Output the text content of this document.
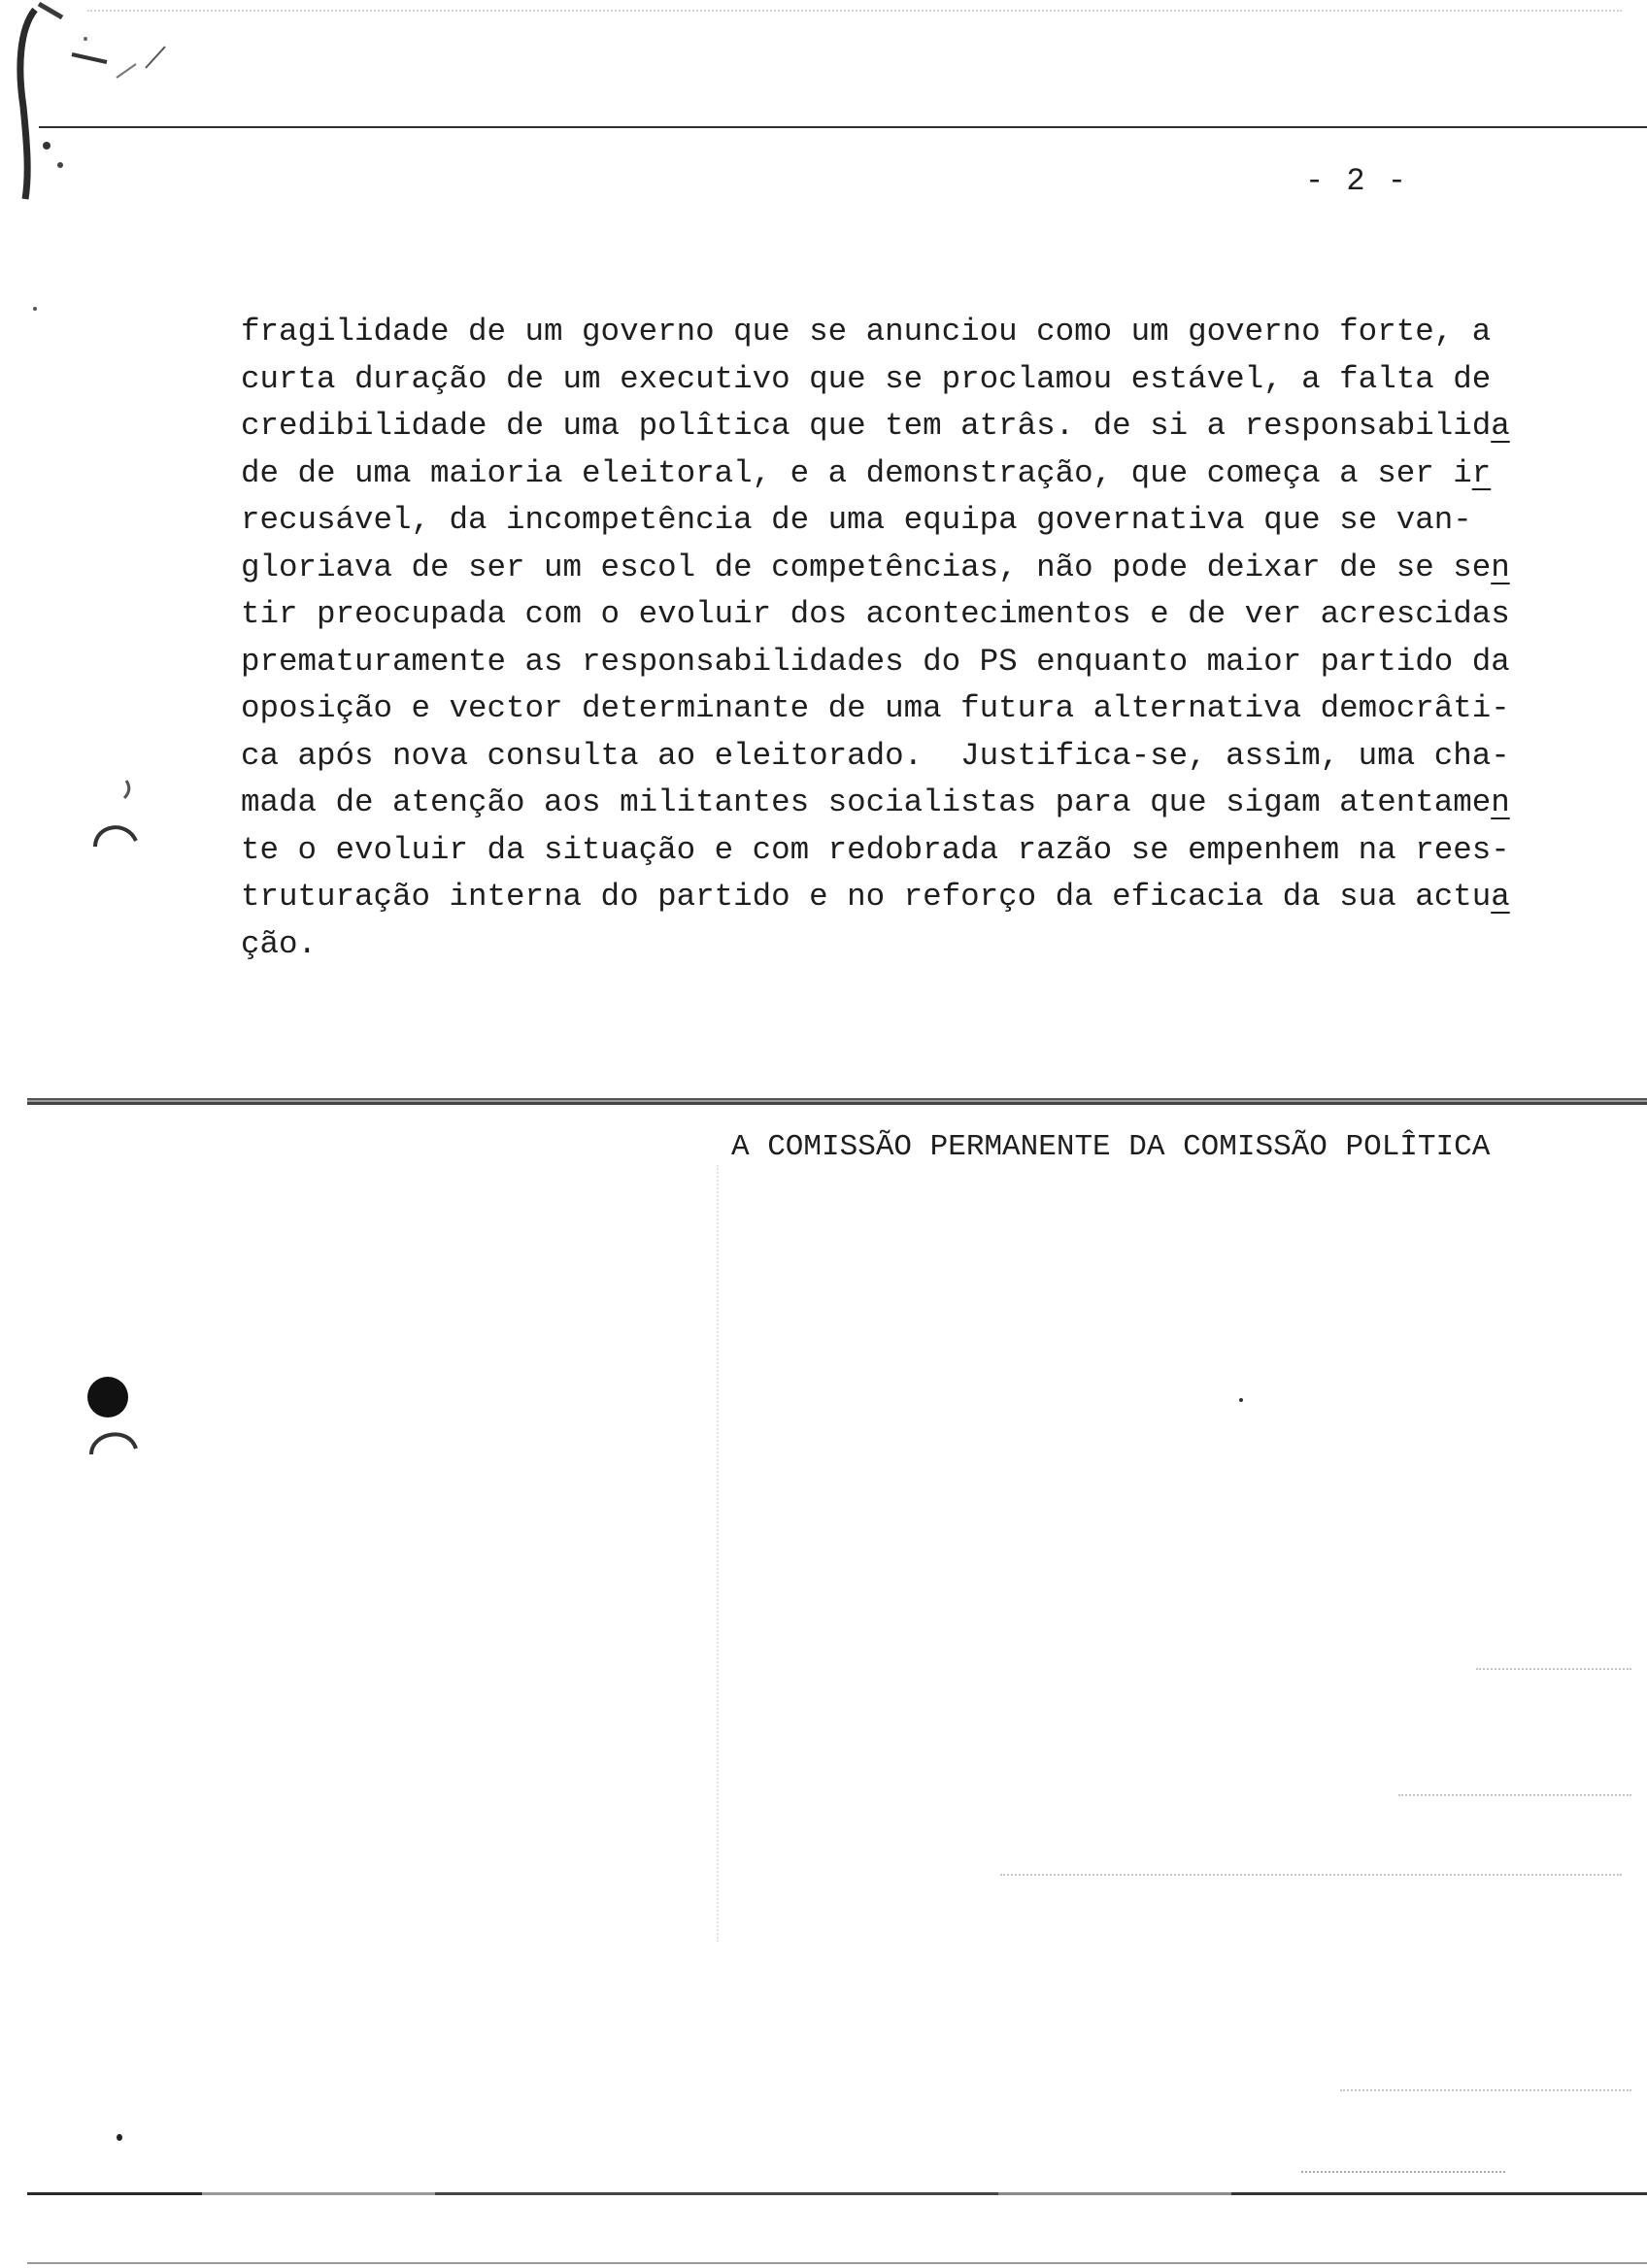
- 2 -
fragilidade de um governo que se anunciou como um governo forte, a
curta duração de um executivo que se proclamou estável, a falta de
credibilidade de uma polîtica que tem atrâs. de si a responsabilida
de de uma maioria eleitoral, e a demonstração, que começa a ser ir
recusável, da incompetência de uma equipa governativa que se van-
gloriava de ser um escol de competências, não pode deixar de se sen
tir preocupada com o evoluir dos acontecimentos e de ver acrescidas
prematuramente as responsabilidades do PS enquanto maior partido da
oposição e vector determinante de uma futura alternativa democrâti-
ca após nova consulta ao eleitorado.  Justifica-se, assim, uma cha-
mada de atenção aos militantes socialistas para que sigam atentamen
te o evoluir da situação e com redobrada razão se empenhem na rees-
truturação interna do partido e no reforço da eficacia da sua actua
ção.
A COMISSÃO PERMANENTE DA COMISSÃO POLÎTICA
